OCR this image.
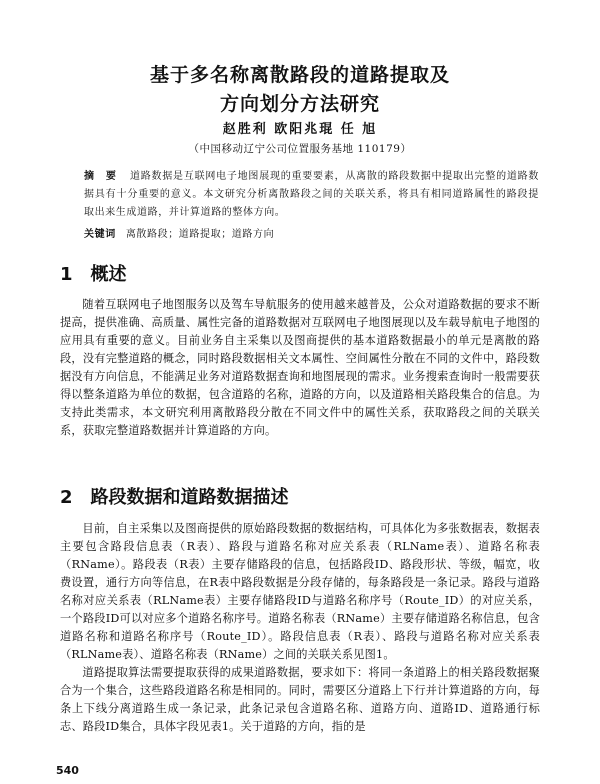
基于多名称离散路段的道路提取及
方向划分方法研究
赵胜利 欧阳兆琨 任 旭
（中国移动辽宁公司位置服务基地 110179）
摘 要 道路数据是互联网电子地图展现的重要要素，从离散的路段数据中提取出完整的道路数据具有十分重要的意义。本文研究分析离散路段之间的关联关系，将具有相同道路属性的路段提取出来生成道路，并计算道路的整体方向。
关键词 离散路段；道路提取；道路方向
1 概述

随着互联网电子地图服务以及驾车导航服务的使用越来越普及，公众对道路数据的要求不断提高，提供准确、高质量、属性完备的道路数据对互联网电子地图展现以及车载导航电子地图的应用具有重要的意义。目前业务自主采集以及图商提供的基本道路数据最小的单元是离散的路段，没有完整道路的概念，同时路段数据相关文本属性、空间属性分散在不同的文件中，路段数据没有方向信息，不能满足业务对道路数据查询和地图展现的需求。业务搜索查询时一般需要获得以整条道路为单位的数据，包含道路的名称，道路的方向，以及道路相关路段集合的信息。为支持此类需求，本文研究利用离散路段分散在不同文件中的属性关系，获取路段之间的关联关系，获取完整道路数据并计算道路的方向。

2 路段数据和道路数据描述

目前，自主采集以及图商提供的原始路段数据的数据结构，可具体化为多张数据表，数据表主要包含路段信息表（R表）、路段与道路名称对应关系表（RLName表）、道路名称表（RName）。路段表（R表）主要存储路段的信息，包括路段ID、路段形状、等级，幅宽，收费设置，通行方向等信息，在R表中路段数据是分段存储的，每条路段是一条记录。路段与道路名称对应关系表（RLName表）主要存储路段ID与道路名称序号（Route_ID）的对应关系，一个路段ID可以对应多个道路名称序号。道路名称表（RName）主要存储道路名称信息，包含道路名称和道路名称序号（Route_ID）。路段信息表（R表）、路段与道路名称对应关系表（RLName表）、道路名称表（RName）之间的关联关系见图1。

道路提取算法需要提取获得的成果道路数据，要求如下：将同一条道路上的相关路段数据聚合为一个集合，这些路段道路名称是相同的。同时，需要区分道路上下行并计算道路的方向，每条上下线分离道路生成一条记录，此条记录包含道路名称、道路方向、道路ID、道路通行标志、路段ID集合，具体字段见表1。关于道路的方向，指的是

540
